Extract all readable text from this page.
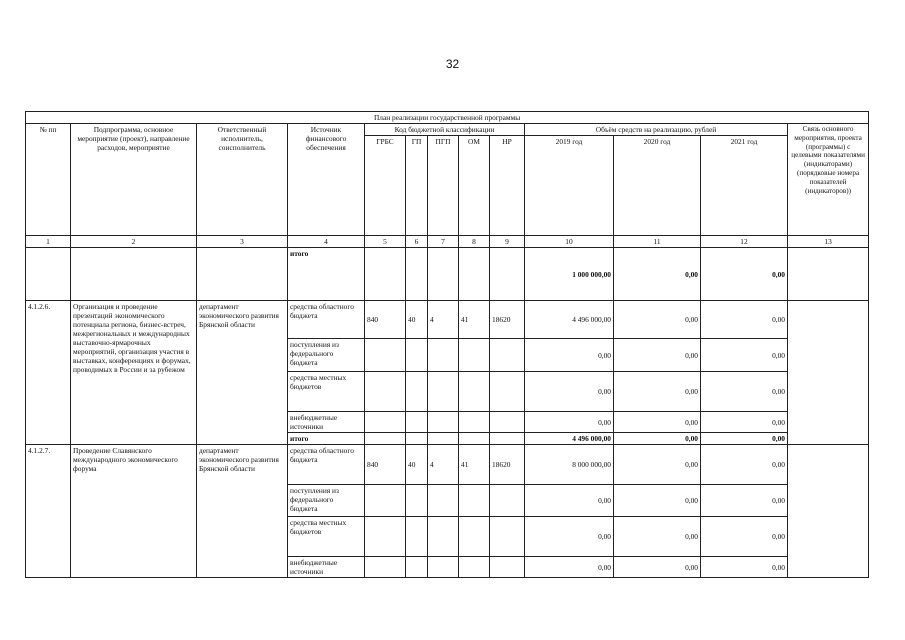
32
План реализации государственной программы												
№ пп	Подпрограмма, основное мероприятие (проект), направление расходов, мероприятие	Ответственный исполнитель, соисполнитель	Источник финансового обеспечения	Код бюджетной классификации					Объём средств на реализацию, рублей			Связь основного мероприятия, проекта (программы) с целевыми показателями (индикаторами) (порядковые номера показателей (индикаторов))
				ГРБС	ГП	ПГП	ОМ	НР	2019 год	2020 год	2021 год	
1	2	3	4	5	6	7	8	9	10	11	12	13
			итого						1 000 000,00	0,00	0,00	
4.1.2.6.	Организация и проведение презентаций экономического потенциала региона, бизнес-встреч, межрегиональных и международных выставочно-ярмарочных мероприятий, организация участия в выставках, конференциях и форумах, проводимых в России и за рубежом	департамент экономического развития Брянской области	средства областного бюджета	840	40	4	41	18620	4 496 000,00	0,00	0,00	
			поступления из федерального бюджета						0,00	0,00	0,00	
			средства местных бюджетов						0,00	0,00	0,00	
			внебюджетные источники						0,00	0,00	0,00	
			итого						4 496 000,00	0,00	0,00	
4.1.2.7.	Проведение Славянского международного экономического форума	департамент экономического развития Брянской области	средства областного бюджета	840	40	4	41	18620	8 000 000,00	0,00	0,00	
			поступления из федерального бюджета						0,00	0,00	0,00	
			средства местных бюджетов						0,00	0,00	0,00	
			внебюджетные источники						0,00	0,00	0,00	
